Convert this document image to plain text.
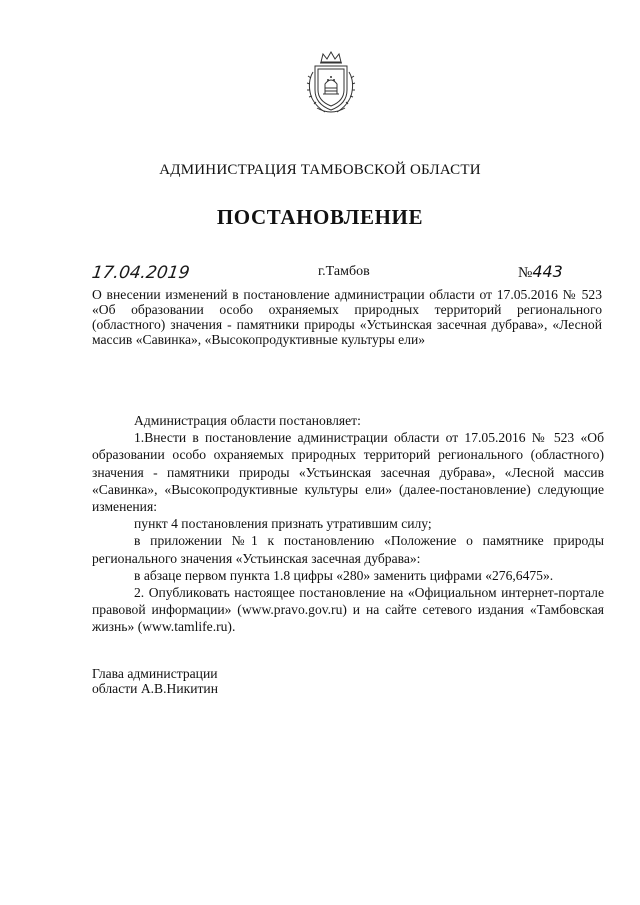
АДМИНИСТРАЦИЯ ТАМБОВСКОЙ ОБЛАСТИ
ПОСТАНОВЛЕНИЕ
17.04.2019	г.Тамбов	№443
О внесении изменений в постановление администрации области от 17.05.2016 № 523 «Об образовании особо охраняемых природных территорий регионального (областного) значения - памятники природы «Устьинская засечная дубрава», «Лесной массив «Савинка», «Высокопродуктивные культуры ели»

Администрация области постановляет:

1.Внести в постановление администрации области от 17.05.2016 № 523 «Об образовании особо охраняемых природных территорий регионального (областного) значения - памятники природы «Устьинская засечная дубрава», «Лесной массив «Савинка», «Высокопродуктивные культуры ели» (далее-постановление) следующие изменения:

пункт 4 постановления признать утратившим силу;

в приложении №1 к постановлению «Положение о памятнике природы регионального значения «Устьинская засечная дубрава»:

в абзаце первом пункта 1.8 цифры «280» заменить цифрами «276,6475».

2. Опубликовать настоящее постановление на «Официальном интернет-портале правовой информации» (www.pravo.gov.ru) и на сайте сетевого издания «Тамбовская жизнь» (www.tamlife.ru).

Глава администрации
области А.В.Никитин
